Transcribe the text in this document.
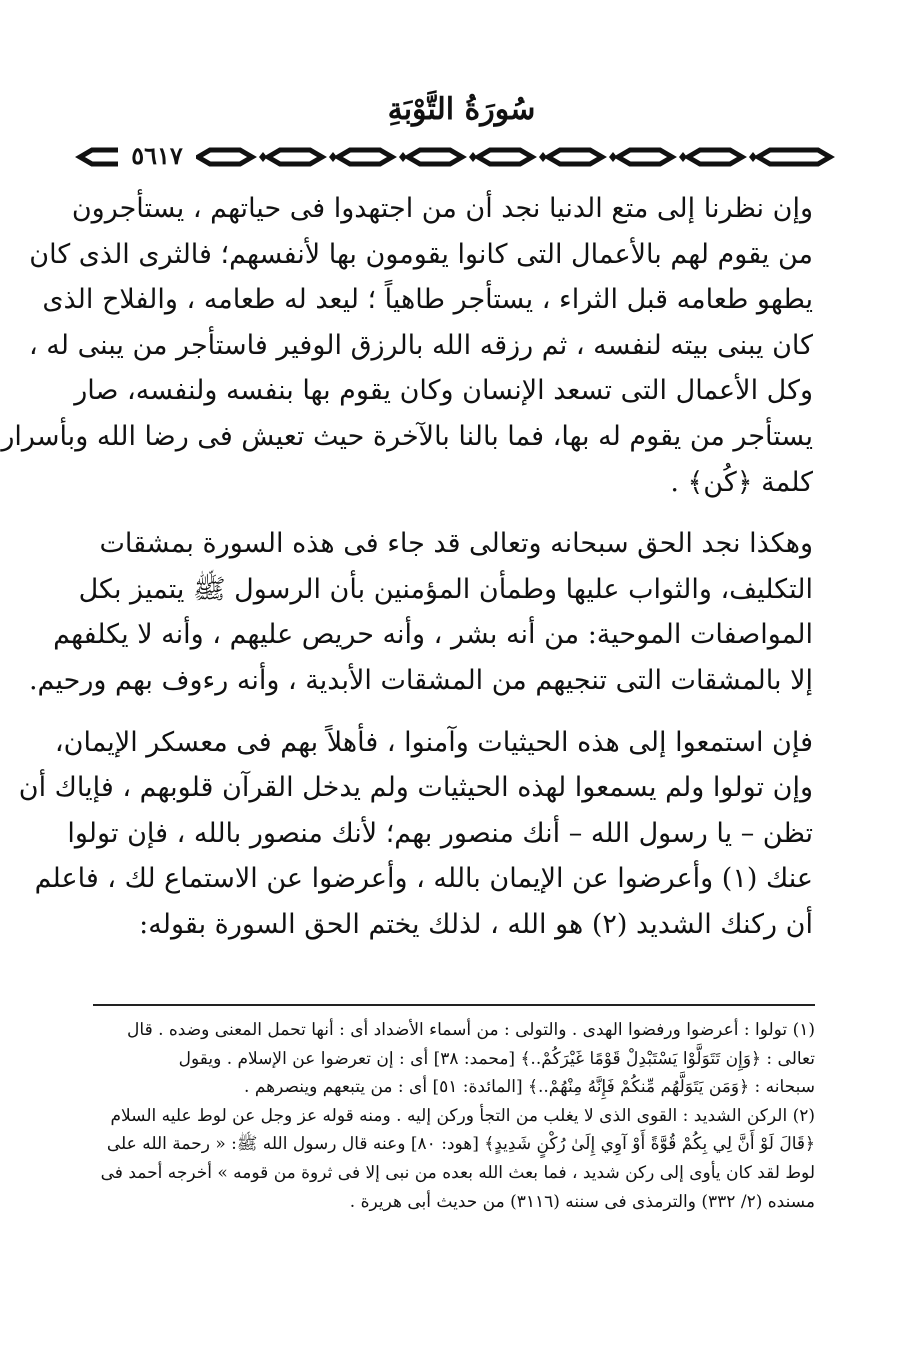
سُورَةُ التَّوْبَةِ
٥٦١٧

وإن نظرنا إلى متع الدنيا نجد أن من اجتهدوا فى حياتهم ، يستأجرون

من يقوم لهم بالأعمال التى كانوا يقومون بها لأنفسهم؛ فالثرى الذى كان

يطهو طعامه قبل الثراء ، يستأجر طاهياً ؛ ليعد له طعامه ، والفلاح الذى

كان يبنى بيته لنفسه ، ثم رزقه الله بالرزق الوفير فاستأجر من يبنى له ،

وكل الأعمال التى تسعد الإنسان وكان يقوم بها بنفسه ولنفسه، صار

يستأجر من يقوم له بها، فما بالنا بالآخرة حيث تعيش فى رضا الله وبأسرار

كلمة ﴿كُن﴾ .

وهكذا نجد الحق سبحانه وتعالى قد جاء فى هذه السورة بمشقات

التكليف، والثواب عليها وطمأن المؤمنين بأن الرسول ﷺ يتميز بكل

المواصفات الموحية: من أنه بشر ، وأنه حريص عليهم ، وأنه لا يكلفهم

إلا بالمشقات التى تنجيهم من المشقات الأبدية ، وأنه رءوف بهم ورحيم.

فإن استمعوا إلى هذه الحيثيات وآمنوا ، فأهلاً بهم فى معسكر الإيمان،

وإن تولوا ولم يسمعوا لهذه الحيثيات ولم يدخل القرآن قلوبهم ، فإياك أن

تظن – يا رسول الله – أنك منصور بهم؛ لأنك منصور بالله ، فإن تولوا

عنك (١) وأعرضوا عن الإيمان بالله ، وأعرضوا عن الاستماع لك ، فاعلم

أن ركنك الشديد (٢) هو الله ، لذلك يختم الحق السورة بقوله:

(١) تولوا : أعرضوا ورفضوا الهدى . والتولى : من أسماء الأضداد أى : أنها تحمل المعنى وضده . قال
تعالى : ﴿وَإِن تَتَوَلَّوْا يَسْتَبْدِلْ قَوْمًا غَيْرَكُمْ..﴾ [محمد: ٣٨] أى : إن تعرضوا عن الإسلام . ويقول
سبحانه : ﴿وَمَن يَتَوَلَّهُم مِّنكُمْ فَإِنَّهُ مِنْهُمْ..﴾ [المائدة: ٥١] أى : من يتبعهم وينصرهم .
(٢) الركن الشديد : القوى الذى لا يغلب من التجأ وركن إليه . ومنه قوله عز وجل عن لوط عليه السلام
﴿قَالَ لَوْ أَنَّ لِي بِكُمْ قُوَّةً أَوْ آوِي إِلَىٰ رُكْنٍ شَدِيدٍ﴾ [هود: ٨٠] وعنه قال رسول الله ﷺ: « رحمة الله على
لوط لقد كان يأوى إلى ركن شديد ، فما بعث الله بعده من نبى إلا فى ثروة من قومه » أخرجه أحمد فى
مسنده (٢/ ٣٣٢) والترمذى فى سننه (٣١١٦) من حديث أبى هريرة .
